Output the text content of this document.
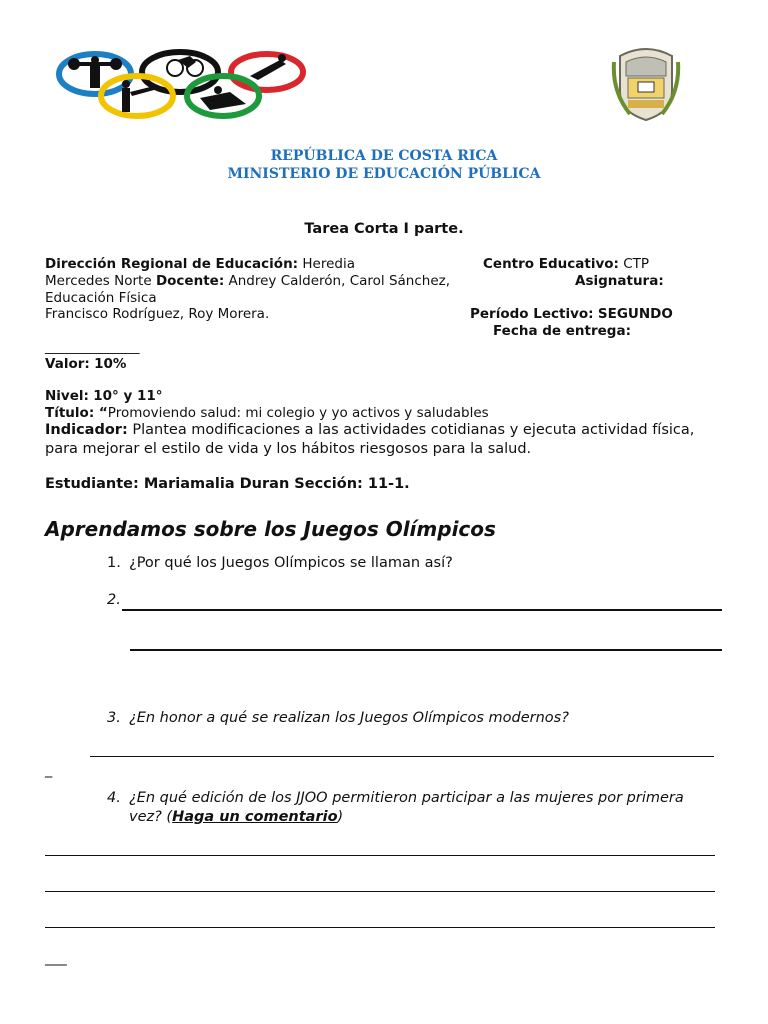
REPÚBLICA DE COSTA RICA
MINISTERIO DE EDUCACIÓN PÚBLICA
Tarea Corta I parte.
Dirección Regional de Educación: Heredia
Mercedes Norte Docente: Andrey Calderón, Carol Sánchez,
Educación Física
Francisco Rodríguez, Roy Morera.
______________
Centro Educativo: CTP
Asignatura:
Período Lectivo: SEGUNDO
Fecha de entrega:
Valor: 10%
Nivel: 10° y 11°
Título: “Promoviendo salud: mi colegio y yo activos y saludables
Indicador: Plantea modificaciones a las actividades cotidianas y ejecuta actividad física,
para mejorar el estilo de vida y los hábitos riesgosos para la salud.
Estudiante: Mariamalia Duran Sección: 11-1.
Aprendamos sobre los Juegos Olímpicos
1. ¿Por qué los Juegos Olímpicos se llaman así?
2.
3. ¿En honor a qué se realizan los Juegos Olímpicos modernos?
_
4. ¿En qué edición de los JJOO permitieron participar a las mujeres por primera
vez? (Haga un comentario)
___
